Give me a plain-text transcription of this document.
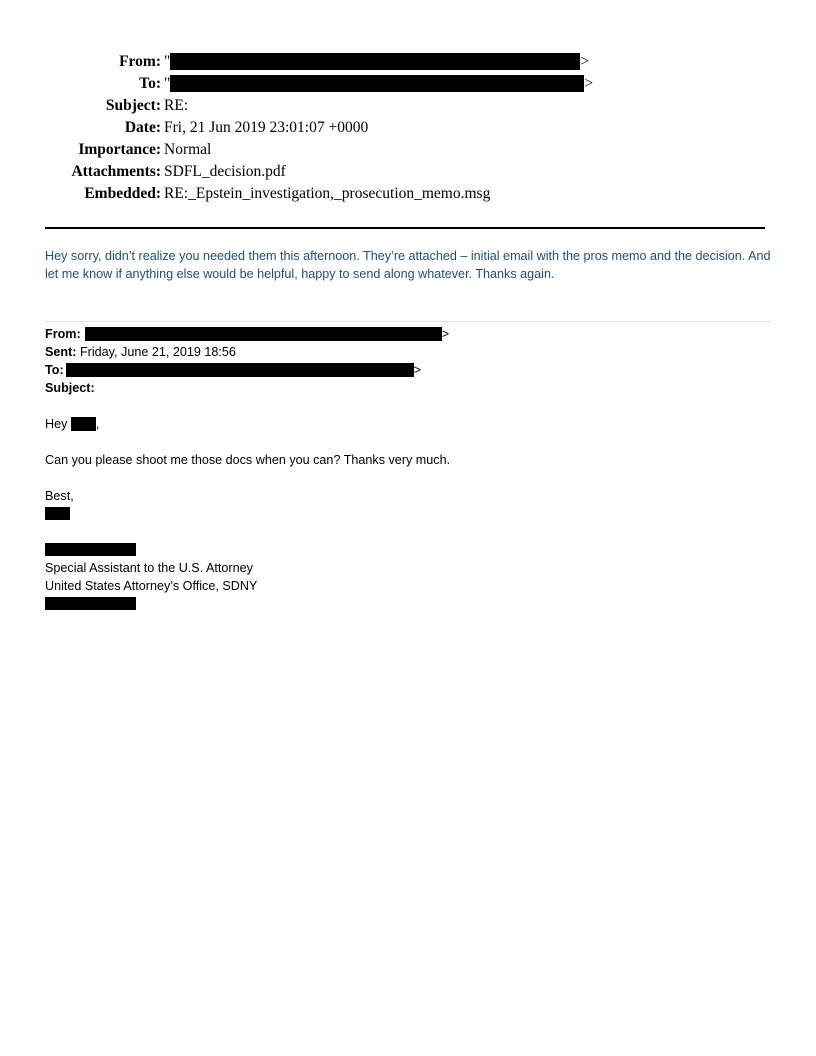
From: "	>
To: "	>
Subject: RE:
Date: Fri, 21 Jun 2019 23:01:07 +0000
Importance: Normal
Attachments: SDFL_decision.pdf
Embedded: RE:_Epstein_investigation,_prosecution_memo.msg

Hey sorry, didn’t realize you needed them this afternoon. They’re attached – initial email with the pros memo and the decision. And let me know if anything else would be helpful, happy to send along whatever. Thanks again.

From:	>
Sent: Friday, June 21, 2019 18:56
To:	>
Subject:
Hey ,
Can you please shoot me those docs when you can? Thanks very much.
Best,
Special Assistant to the U.S. Attorney
United States Attorney’s Office, SDNY
